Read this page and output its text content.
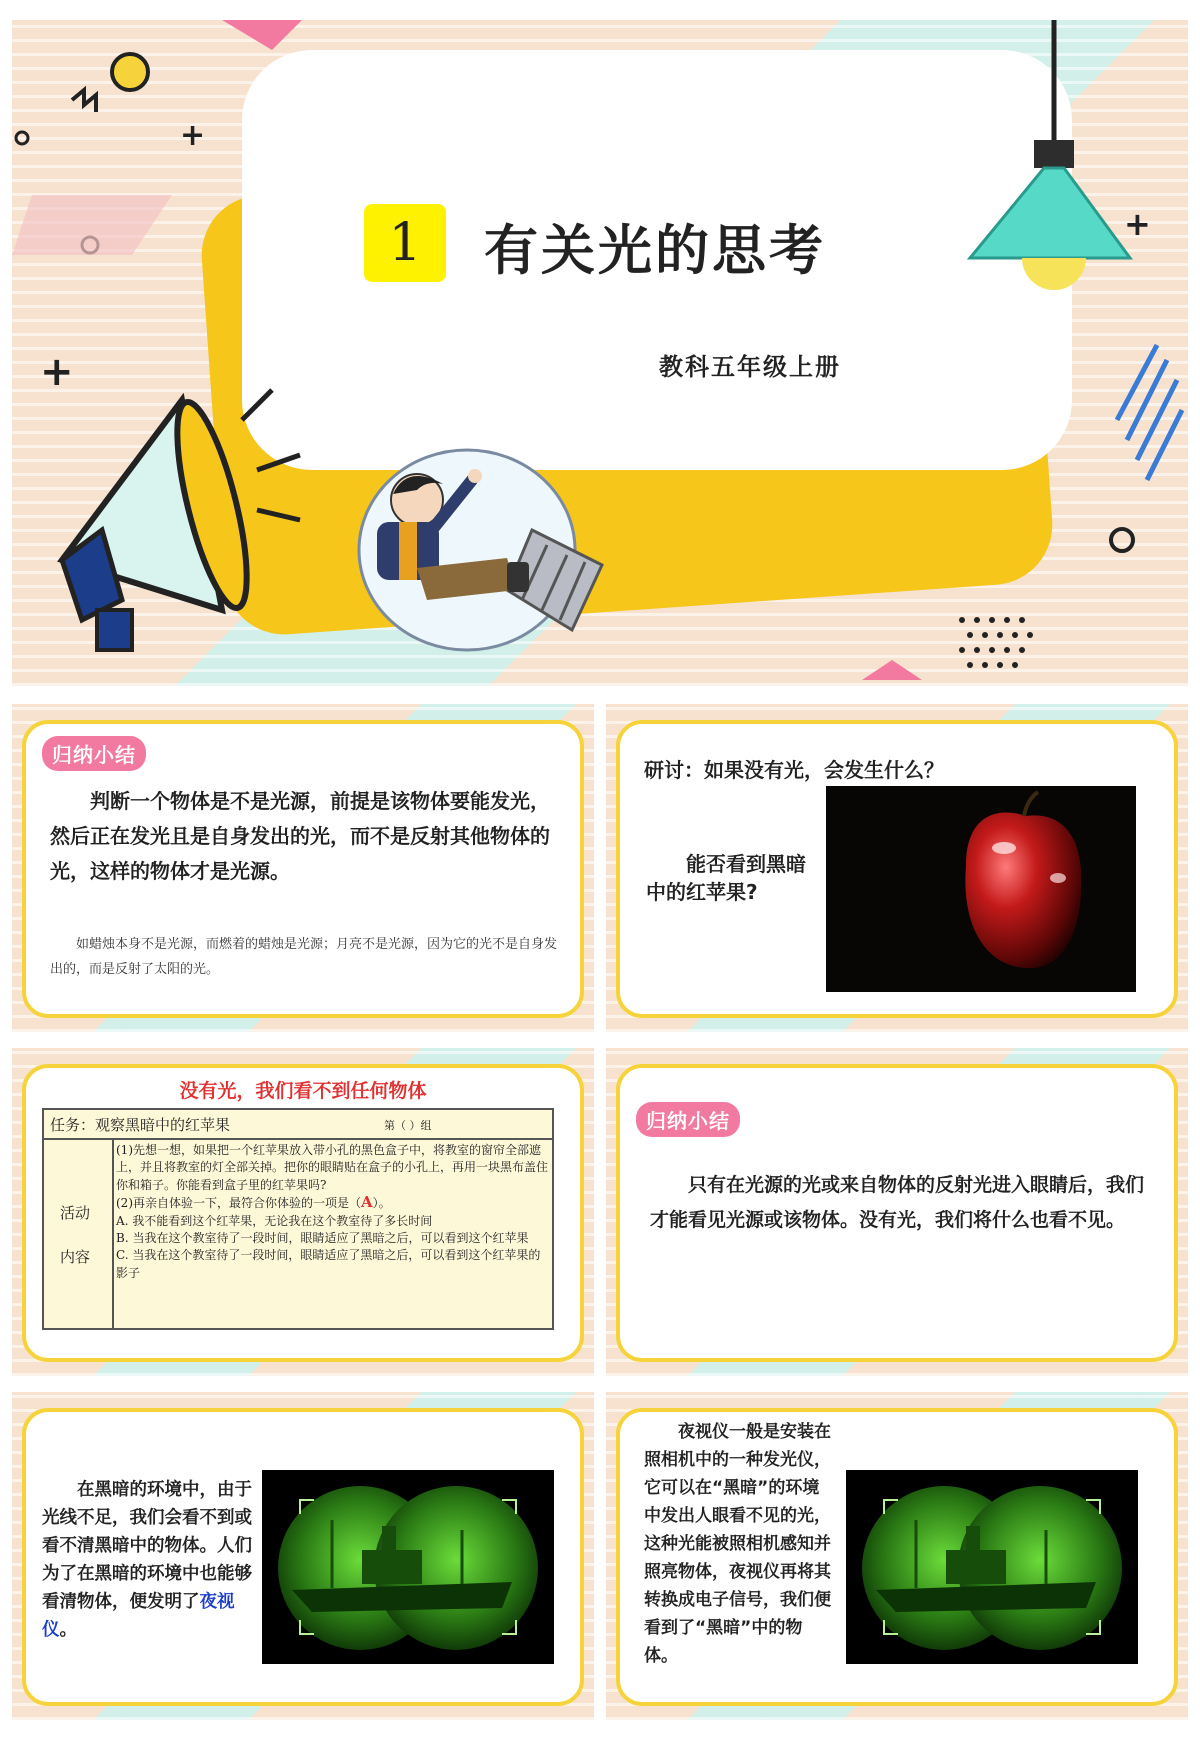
+
+
+
1	有关光的思考
教科五年级上册
归纳小结
判断一个物体是不是光源，前提是该物体要能发光，然后正在发光且是自身发出的光，而不是反射其他物体的光，这样的物体才是光源。
如蜡烛本身不是光源，而燃着的蜡烛是光源；月亮不是光源，因为它的光不是自身发出的，而是反射了太阳的光。
研讨：如果没有光，会发生什么？
能否看到黑暗中的红苹果?
没有光，我们看不到任何物体
任务：观察黑暗中的红苹果	第（ ）组
活动
内容
(1)先想一想，如果把一个红苹果放入带小孔的黑色盒子中，将教室的窗帘全部遮上，并且将教室的灯全部关掉。把你的眼睛贴在盒子的小孔上，再用一块黑布盖住你和箱子。你能看到盒子里的红苹果吗?
(2)再亲自体验一下，最符合你体验的一项是（A）。
A. 我不能看到这个红苹果，无论我在这个教室待了多长时间
B. 当我在这个教室待了一段时间，眼睛适应了黑暗之后，可以看到这个红苹果
C. 当我在这个教室待了一段时间，眼睛适应了黑暗之后，可以看到这个红苹果的影子
归纳小结
只有在光源的光或来自物体的反射光进入眼睛后，我们才能看见光源或该物体。没有光，我们将什么也看不见。
在黑暗的环境中，由于光线不足，我们会看不到或看不清黑暗中的物体。人们为了在黑暗的环境中也能够看清物体，便发明了夜视仪。
夜视仪一般是安装在照相机中的一种发光仪，它可以在“黑暗”的环境中发出人眼看不见的光，这种光能被照相机感知并照亮物体，夜视仪再将其转换成电子信号，我们便看到了“黑暗”中的物体。
